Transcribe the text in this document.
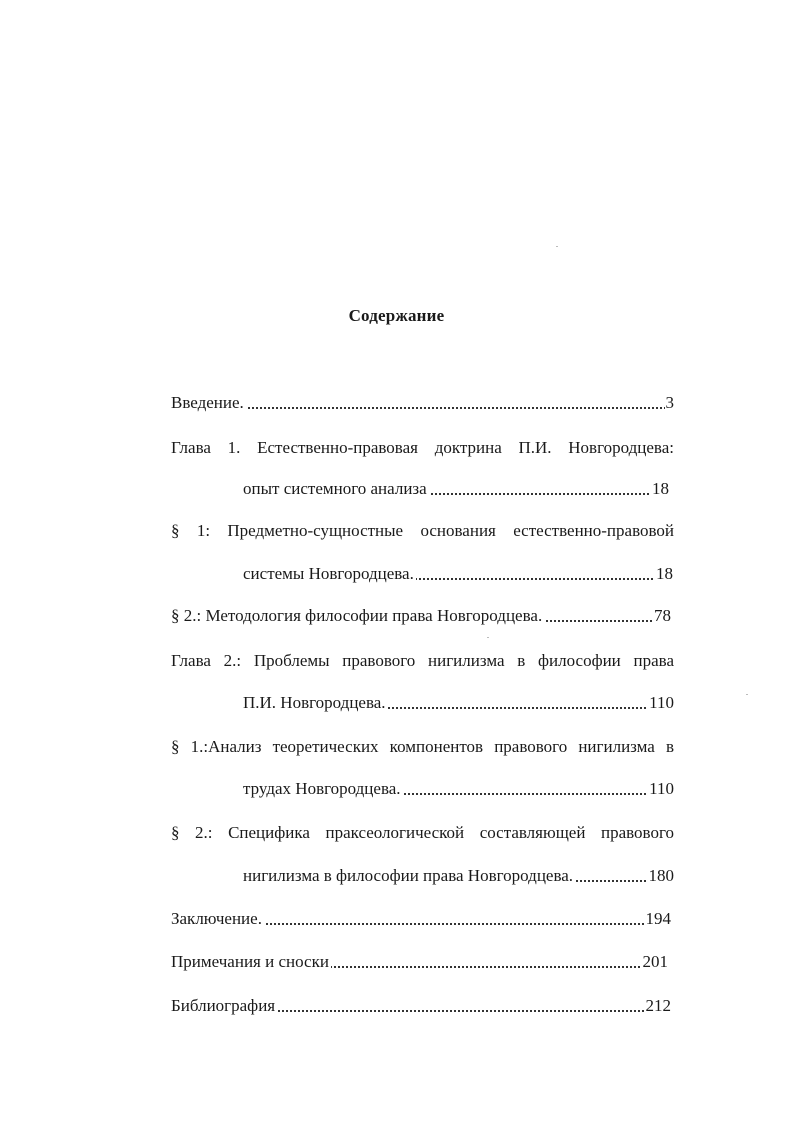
Содержание
Введение.	3
Глава 1. Естественно-правовая доктрина П.И. Новгородцева:
опыт системного анализа	18
§ 1: Предметно-сущностные основания естественно-правовой
системы Новгородцева.	18
§ 2.: Методология философии права Новгородцева.	78
Глава 2.: Проблемы правового нигилизма в философии права
П.И. Новгородцева.	110
§ 1.:Анализ теоретических компонентов правового нигилизма в
трудах Новгородцева.	110
§ 2.: Специфика праксеологической составляющей правового
нигилизма в философии права Новгородцева.	180
Заключение.	194
Примечания и сноски	201
Библиография	212
